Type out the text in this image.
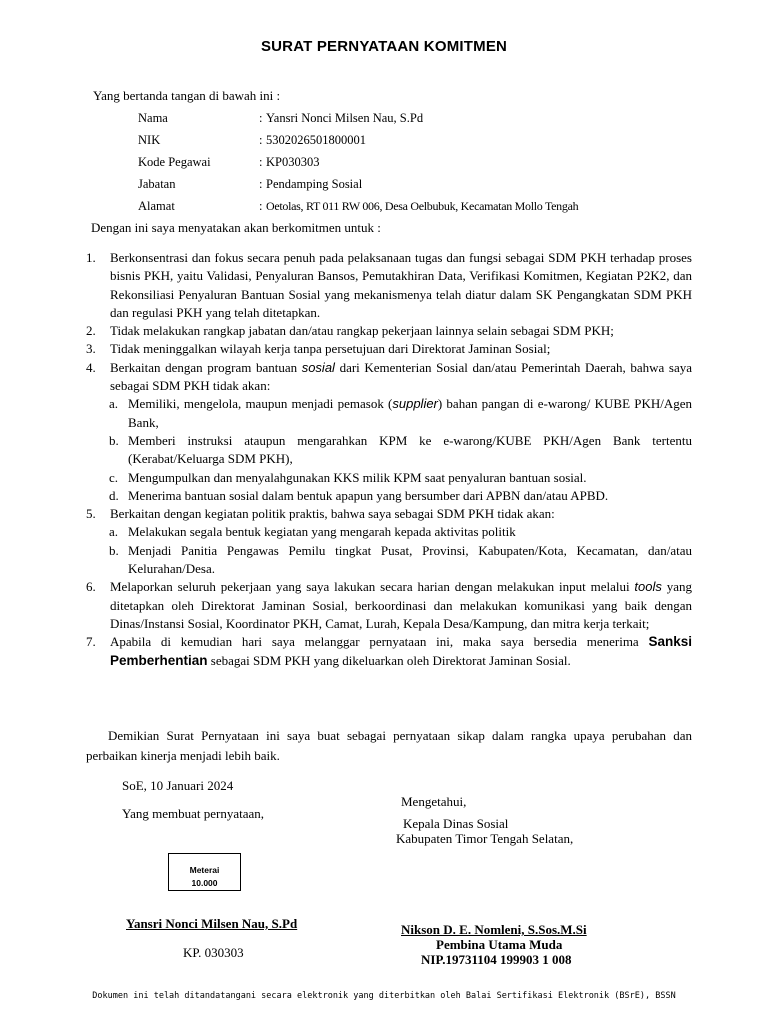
SURAT PERNYATAAN KOMITMEN
Yang bertanda tangan di bawah ini :
Nama	: Yansri Nonci Milsen Nau, S.Pd
NIK	: 5302026501800001
Kode Pegawai	: KP030303
Jabatan	: Pendamping Sosial
Alamat	: Oetolas, RT 011 RW 006, Desa Oelbubuk, Kecamatan Mollo Tengah
Dengan ini saya menyatakan akan berkomitmen untuk :
1. Berkonsentrasi dan fokus secara penuh pada pelaksanaan tugas dan fungsi sebagai SDM PKH terhadap proses bisnis PKH, yaitu Validasi, Penyaluran Bansos, Pemutakhiran Data, Verifikasi Komitmen, Kegiatan P2K2, dan Rekonsiliasi Penyaluran Bantuan Sosial yang mekanismenya telah diatur dalam SK Pengangkatan SDM PKH dan regulasi PKH yang telah ditetapkan.
2. Tidak melakukan rangkap jabatan dan/atau rangkap pekerjaan lainnya selain sebagai SDM PKH;
3. Tidak meninggalkan wilayah kerja tanpa persetujuan dari Direktorat Jaminan Sosial;
4. Berkaitan dengan program bantuan sosial dari Kementerian Sosial dan/atau Pemerintah Daerah, bahwa saya sebagai SDM PKH tidak akan:
a. Memiliki, mengelola, maupun menjadi pemasok (supplier) bahan pangan di e-warong/ KUBE PKH/Agen Bank,
b. Memberi instruksi ataupun mengarahkan KPM ke e-warong/KUBE PKH/Agen Bank tertentu (Kerabat/Keluarga SDM PKH),
c. Mengumpulkan dan menyalahgunakan KKS milik KPM saat penyaluran bantuan sosial.
d. Menerima bantuan sosial dalam bentuk apapun yang bersumber dari APBN dan/atau APBD.
5. Berkaitan dengan kegiatan politik praktis, bahwa saya sebagai SDM PKH tidak akan:
a. Melakukan segala bentuk kegiatan yang mengarah kepada aktivitas politik
b. Menjadi Panitia Pengawas Pemilu tingkat Pusat, Provinsi, Kabupaten/Kota, Kecamatan, dan/atau Kelurahan/Desa.
6. Melaporkan seluruh pekerjaan yang saya lakukan secara harian dengan melakukan input melalui tools yang ditetapkan oleh Direktorat Jaminan Sosial, berkoordinasi dan melakukan komunikasi yang baik dengan Dinas/Instansi Sosial, Koordinator PKH, Camat, Lurah, Kepala Desa/Kampung, dan mitra kerja terkait;
7. Apabila di kemudian hari saya melanggar pernyataan ini, maka saya bersedia menerima Sanksi Pemberhentian sebagai SDM PKH yang dikeluarkan oleh Direktorat Jaminan Sosial.
Demikian Surat Pernyataan ini saya buat sebagai pernyataan sikap dalam rangka upaya perubahan dan perbaikan kinerja menjadi lebih baik.
SoE, 10 Januari 2024
Yang membuat pernyataan,
Mengetahui,
Kepala Dinas Sosial
Kabupaten Timor Tengah Selatan,
Meterai
10.000
Yansri Nonci Milsen Nau, S.Pd
KP. 030303
Nikson D. E. Nomleni, S.Sos.M.Si
Pembina Utama Muda
NIP.19731104 199903 1 008
Dokumen ini telah ditandatangani secara elektronik yang diterbitkan oleh Balai Sertifikasi Elektronik (BSrE), BSSN
